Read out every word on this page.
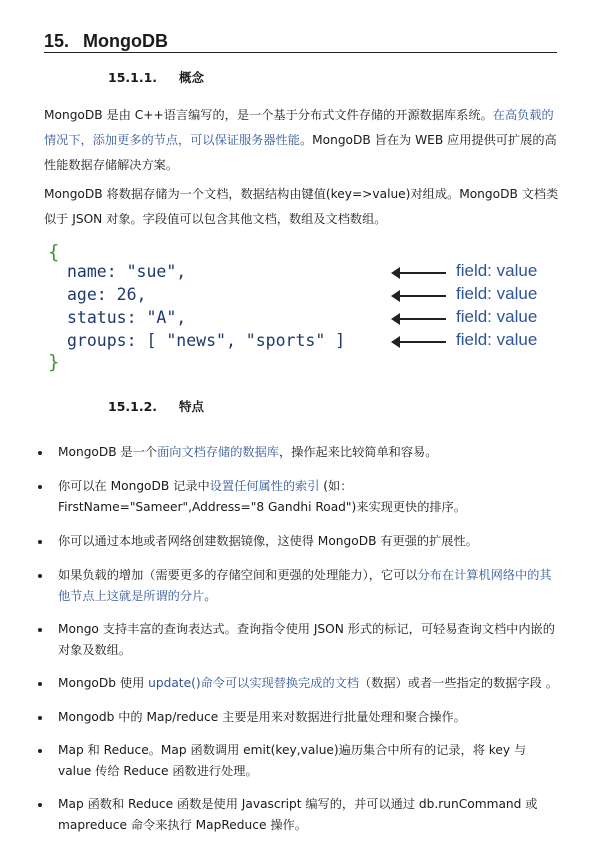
15. MongoDB
15.1.1. 概念
MongoDB 是由 C++语言编写的，是一个基于分布式文件存储的开源数据库系统。在高负载的情况下，添加更多的节点，可以保证服务器性能。MongoDB 旨在为 WEB 应用提供可扩展的高性能数据存储解决方案。
MongoDB 将数据存储为一个文档，数据结构由键值(key=>value)对组成。MongoDB 文档类似于 JSON 对象。字段值可以包含其他文档，数组及文档数组。
{
name: "sue",	field: value
age: 26,	field: value
status: "A",	field: value
groups: [ "news", "sports" ]	field: value
}
15.1.2. 特点
MongoDB 是一个面向文档存储的数据库，操作起来比较简单和容易。
你可以在 MongoDB 记录中设置任何属性的索引 (如：FirstName="Sameer",Address="8 Gandhi Road")来实现更快的排序。
你可以通过本地或者网络创建数据镜像，这使得 MongoDB 有更强的扩展性。
如果负载的增加（需要更多的存储空间和更强的处理能力），它可以分布在计算机网络中的其他节点上这就是所谓的分片。
Mongo 支持丰富的查询表达式。查询指令使用 JSON 形式的标记，可轻易查询文档中内嵌的对象及数组。
MongoDb 使用 update()命令可以实现替换完成的文档（数据）或者一些指定的数据字段 。
Mongodb 中的 Map/reduce 主要是用来对数据进行批量处理和聚合操作。
Map 和 Reduce。Map 函数调用 emit(key,value)遍历集合中所有的记录，将 key 与 value 传给 Reduce 函数进行处理。
Map 函数和 Reduce 函数是使用 Javascript 编写的，并可以通过 db.runCommand 或 mapreduce 命令来执行 MapReduce 操作。
